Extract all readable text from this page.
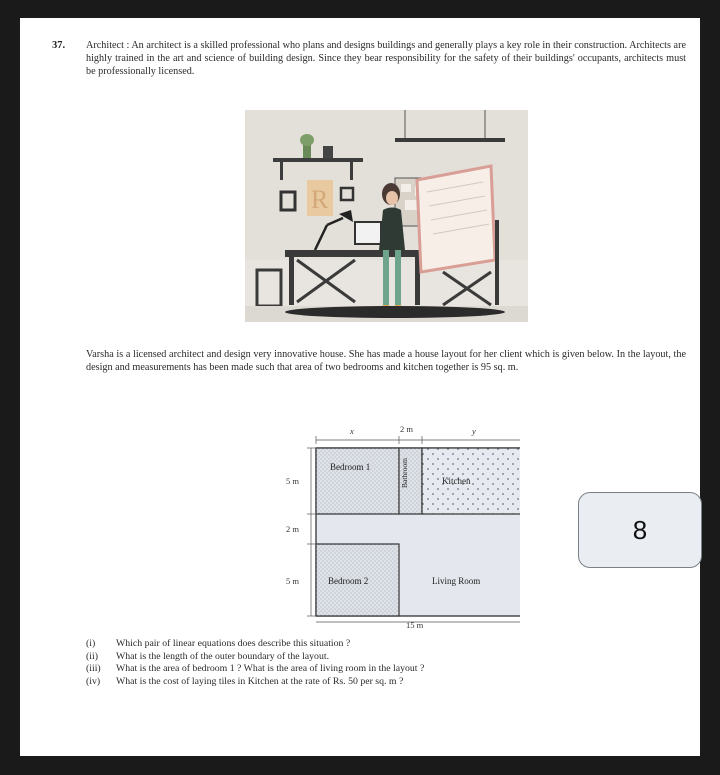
37. Architect : An architect is a skilled professional who plans and designs buildings and generally plays a key role in their construction. Architects are highly trained in the art and science of building design. Since they bear responsibility for the safety of their buildings' occupants, architects must be professionally licensed.

R

Varsha is a licensed architect and design very innovative house. She has made a house layout for her client which is given below. In the layout, the design and measurements has been made such that area of two bedrooms and kitchen together is 95 sq. m.

x	2 m	y
5 m
2 m
5 m
Bedroom 1	Bathroom	Kitchen
Bedroom 2	Living Room
15 m
(i)	Which pair of linear equations does describe this situation ?
(ii)	What is the length of the outer boundary of the layout.
(iii)	What is the area of bedroom 1 ? What is the area of living room in the layout ?
(iv)	What is the cost of laying tiles in Kitchen at the rate of Rs. 50 per sq. m ?
8
